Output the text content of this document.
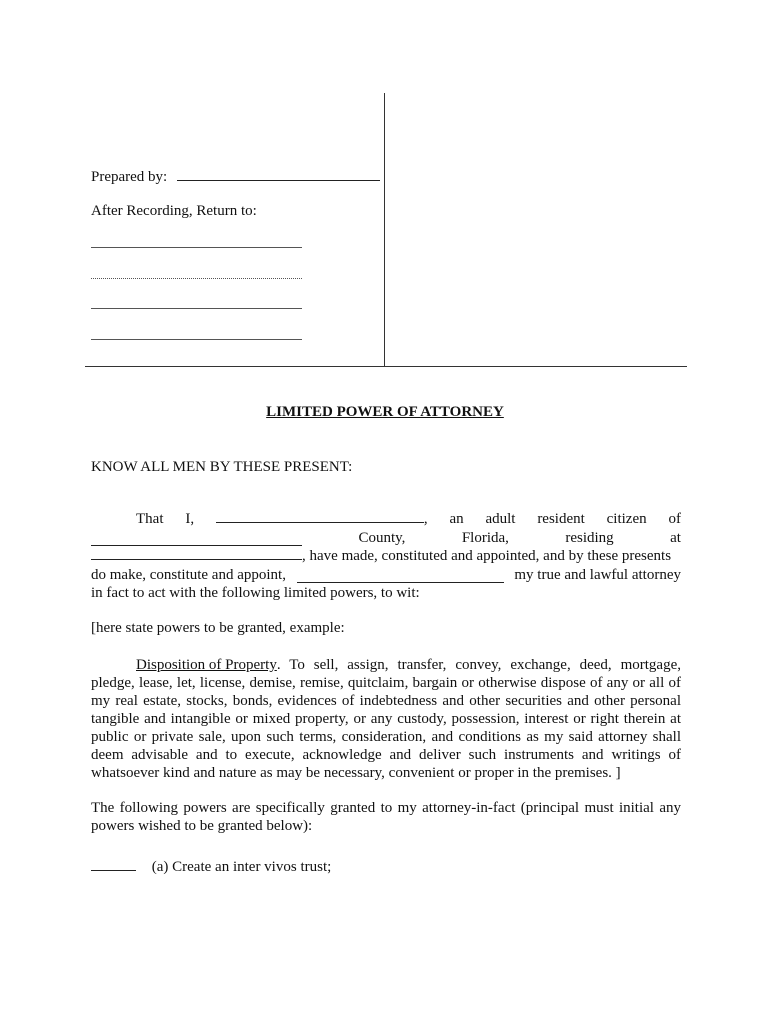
Prepared by:
After Recording, Return to:
LIMITED POWER OF ATTORNEY
KNOW ALL MEN BY THESE PRESENT:
That I,	, an adult resident citizen of
County,	Florida,	residing	at
, have made, constituted and appointed, and by these presents
do make, constitute and appoint,	my true and lawful attorney
in fact to act with the following limited powers, to wit:
[here state powers to be granted, example:
Disposition of Property . To sell, assign, transfer, convey, exchange, deed, mortgage,
pledge, lease, let, license, demise, remise, quitclaim, bargain or otherwise dispose of any or all of
my real estate, stocks, bonds, evidences of indebtedness and other securities and other personal
tangible and intangible or mixed property, or any custody, possession, interest or right therein at
public or private sale, upon such terms, consideration, and conditions as my said attorney shall
deem advisable and to execute, acknowledge and deliver such instruments and writings of
whatsoever kind and nature as may be necessary, convenient or proper in the premises. ]
The following powers are specifically granted to my attorney-in-fact (principal must initial any
powers wished to be granted below):
(a) Create an inter vivos trust;
